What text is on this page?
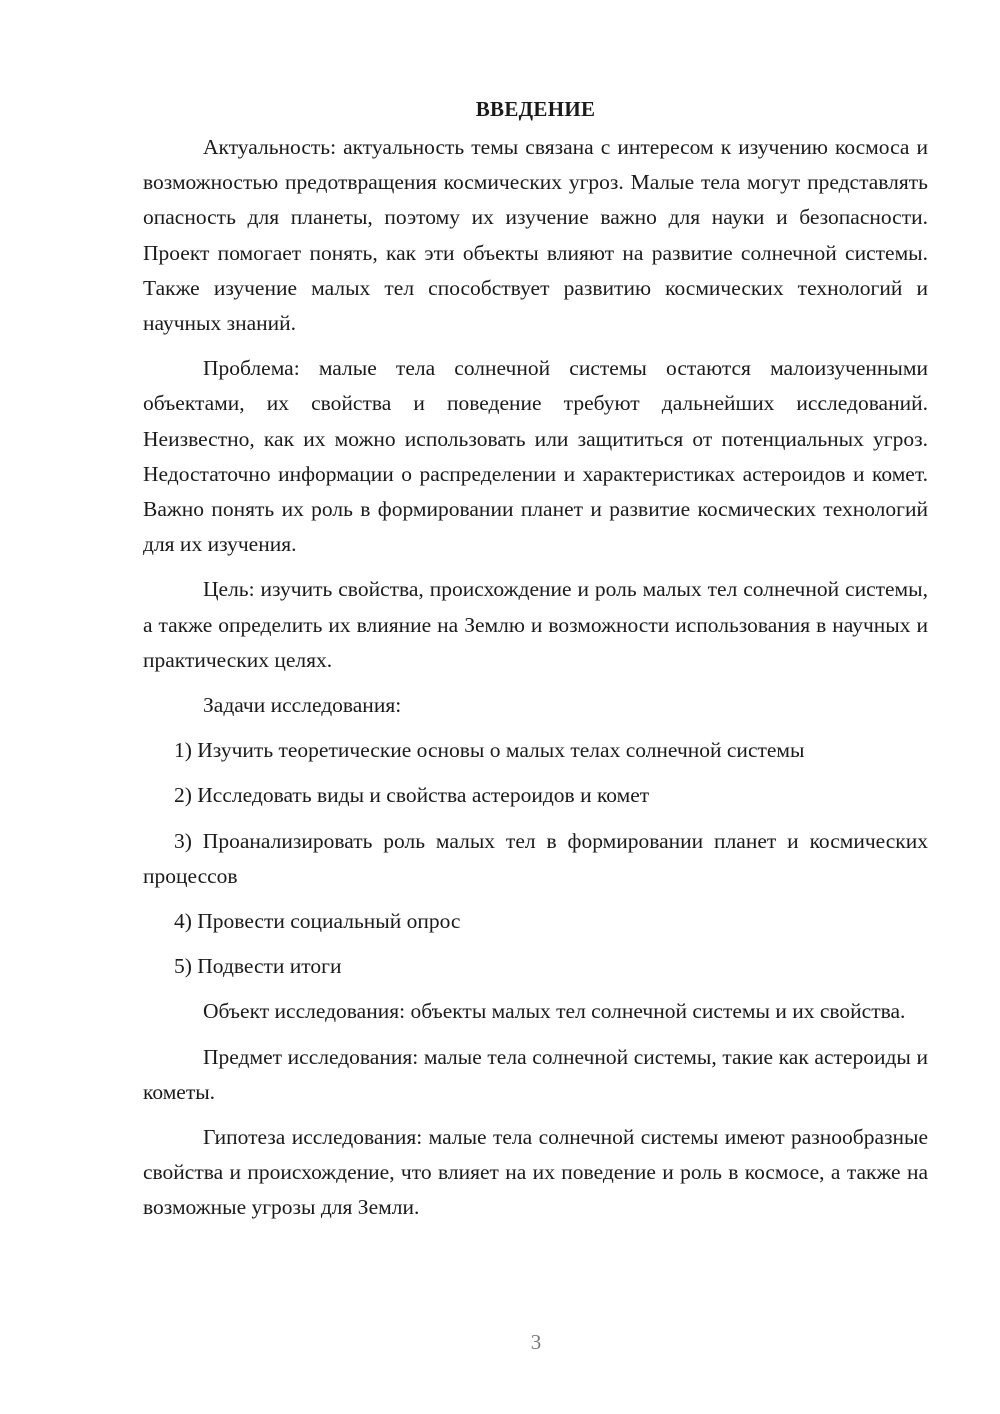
ВВЕДЕНИЕ

Актуальность: актуальность темы связана с интересом к изучению космоса и возможностью предотвращения космических угроз. Малые тела могут представлять опасность для планеты, поэтому их изучение важно для науки и безопасности. Проект помогает понять, как эти объекты влияют на развитие солнечной системы. Также изучение малых тел способствует развитию космических технологий и научных знаний.

Проблема: малые тела солнечной системы остаются малоизученными объектами, их свойства и поведение требуют дальнейших исследований. Неизвестно, как их можно использовать или защититься от потенциальных угроз. Недостаточно информации о распределении и характеристиках астероидов и комет. Важно понять их роль в формировании планет и развитие космических технологий для их изучения.

Цель: изучить свойства, происхождение и роль малых тел солнечной системы, а также определить их влияние на Землю и возможности использования в научных и практических целях.

Задачи исследования:

1) Изучить теоретические основы о малых телах солнечной системы

2) Исследовать виды и свойства астероидов и комет

3) Проанализировать роль малых тел в формировании планет и космических процессов

4) Провести социальный опрос

5) Подвести итоги

Объект исследования: объекты малых тел солнечной системы и их свойства.

Предмет исследования: малые тела солнечной системы, такие как астероиды и кометы.

Гипотеза исследования: малые тела солнечной системы имеют разнообразные свойства и происхождение, что влияет на их поведение и роль в космосе, а также на возможные угрозы для Земли.

3
